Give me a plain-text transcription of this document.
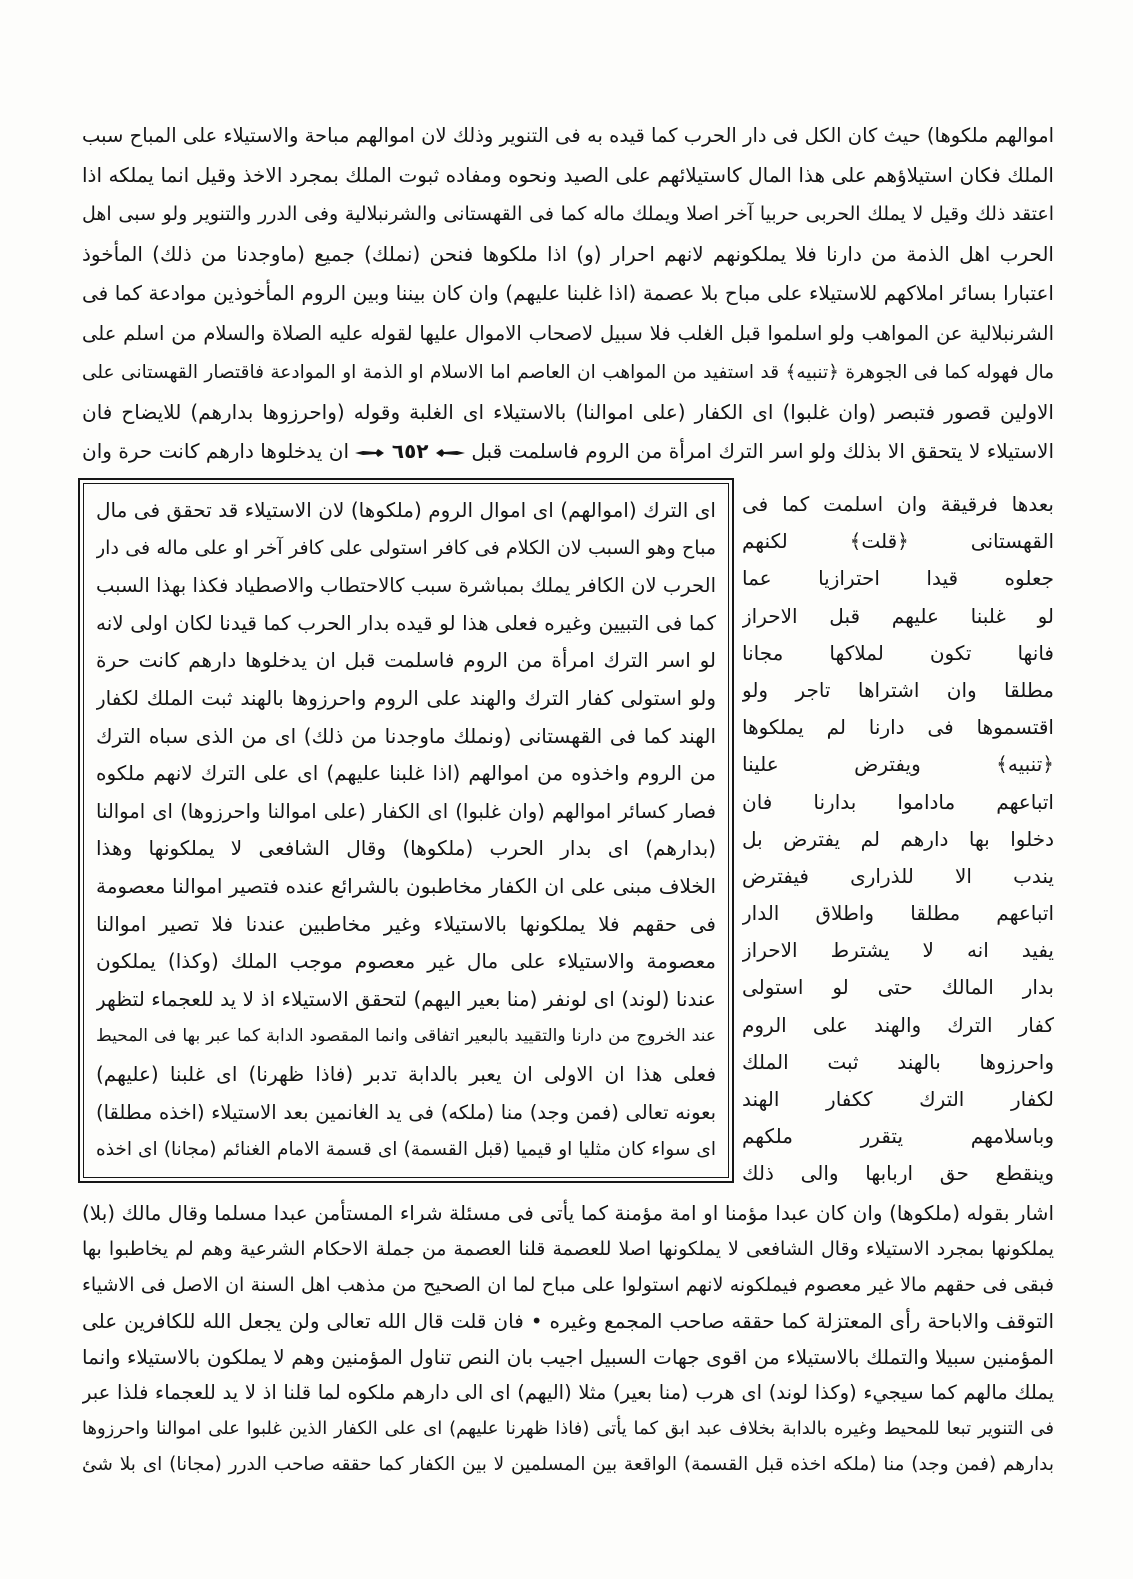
اموالهم ملكوها) حيث كان الكل فى دار الحرب كما قيده به فى التنوير وذلك لان اموالهم مباحة والاستيلاء على المباح سبب
الملك فكان استيلاؤهم على هذا المال كاستيلائهم على الصيد ونحوه ومفاده ثبوت الملك بمجرد الاخذ وقيل انما يملكه اذا
اعتقد ذلك وقيل لا يملك الحربى حربيا آخر اصلا ويملك ماله كما فى القهستانى والشرنبلالية وفى الدرر والتنوير ولو سبى اهل
الحرب اهل الذمة من دارنا فلا يملكونهم لانهم احرار (و) اذا ملكوها فنحن (نملك) جميع (ماوجدنا من ذلك) المأخوذ
اعتبارا بسائر املاكهم للاستيلاء على مباح بلا عصمة (اذا غلبنا عليهم) وان كان بيننا وبين الروم المأخوذين موادعة كما فى
الشرنبلالية عن المواهب ولو اسلموا قبل الغلب فلا سبيل لاصحاب الاموال عليها لقوله عليه الصلاة والسلام من اسلم على
مال فهوله كما فى الجوهرة ﴿تنبيه﴾ قد استفيد من المواهب ان العاصم اما الاسلام او الذمة او الموادعة فاقتصار القهستانى على
الاولين قصور فتبصر (وان غلبوا) اى الكفار (على اموالنا) بالاستيلاء اى الغلبة وقوله (واحرزوها بدارهم) للايضاح فان
الاستيلاء لا يتحقق الا بذلك ولو اسر الترك امرأة من الروم فاسلمت قبل  ٦٥٢  ان يدخلوها دارهم كانت حرة وان
اى الترك (اموالهم) اى اموال الروم (ملكوها) لان الاستيلاء قد تحقق فى مال
مباح وهو السبب لان الكلام فى كافر استولى على كافر آخر او على ماله فى دار
الحرب لان الكافر يملك بمباشرة سبب كالاحتطاب والاصطياد فكذا بهذا السبب
كما فى التبيين وغيره فعلى هذا لو قيده بدار الحرب كما قيدنا لكان اولى لانه
لو اسر الترك امرأة من الروم فاسلمت قبل ان يدخلوها دارهم كانت حرة
ولو استولى كفار الترك والهند على الروم واحرزوها بالهند ثبت الملك لكفار
الهند كما فى القهستانى (ونملك ماوجدنا من ذلك) اى من الذى سباه الترك
من الروم واخذوه من اموالهم (اذا غلبنا عليهم) اى على الترك لانهم ملكوه
فصار كسائر اموالهم (وان غلبوا) اى الكفار (على اموالنا واحرزوها) اى اموالنا
(بدارهم) اى بدار الحرب (ملكوها) وقال الشافعى لا يملكونها وهذا
الخلاف مبنى على ان الكفار مخاطبون بالشرائع عنده فتصير اموالنا معصومة
فى حقهم فلا يملكونها بالاستيلاء وغير مخاطبين عندنا فلا تصير اموالنا
معصومة والاستيلاء على مال غير معصوم موجب الملك (وكذا) يملكون
عندنا (لوند) اى لونفر (منا بعير اليهم) لتحقق الاستيلاء اذ لا يد للعجماء لتظهر
عند الخروج من دارنا والتقييد بالبعير اتفاقى وانما المقصود الدابة كما عبر بها فى المحيط
فعلى هذا ان الاولى ان يعبر بالدابة تدبر (فاذا ظهرنا) اى غلبنا (عليهم)
بعونه تعالى (فمن وجد) منا (ملكه) فى يد الغانمين بعد الاستيلاء (اخذه مطلقا)
اى سواء كان مثليا او قيميا (قبل القسمة) اى قسمة الامام الغنائم (مجانا) اى اخذه
بعدها فرقيقة وان اسلمت كما فى
القهستانى ﴿قلت﴾ لكنهم
جعلوه قيدا احترازيا عما
لو غلبنا عليهم قبل الاحراز
فانها تكون لملاكها مجانا
مطلقا وان اشتراها تاجر ولو
اقتسموها فى دارنا لم يملكوها
﴿تنبيه﴾ ويفترض علينا
اتباعهم ماداموا بدارنا فان
دخلوا بها دارهم لم يفترض بل
يندب الا للذرارى فيفترض
اتباعهم مطلقا واطلاق الدار
يفيد انه لا يشترط الاحراز
بدار المالك حتى لو استولى
كفار الترك والهند على الروم
واحرزوها بالهند ثبت الملك
لكفار الترك ككفار الهند
وباسلامهم يتقرر ملكهم
وينقطع حق اربابها والى ذلك
اشار بقوله (ملكوها) وان كان عبدا مؤمنا او امة مؤمنة كما يأتى فى مسئلة شراء المستأمن عبدا مسلما وقال مالك (بلا)
يملكونها بمجرد الاستيلاء وقال الشافعى لا يملكونها اصلا للعصمة قلنا العصمة من جملة الاحكام الشرعية وهم لم يخاطبوا بها
فبقى فى حقهم مالا غير معصوم فيملكونه لانهم استولوا على مباح لما ان الصحيح من مذهب اهل السنة ان الاصل فى الاشياء
التوقف والاباحة رأى المعتزلة كما حققه صاحب المجمع وغيره • فان قلت قال الله تعالى ولن يجعل الله للكافرين على
المؤمنين سبيلا والتملك بالاستيلاء من اقوى جهات السبيل اجيب بان النص تناول المؤمنين وهم لا يملكون بالاستيلاء وانما
يملك مالهم كما سيجيء (وكذا لوند) اى هرب (منا بعير) مثلا (اليهم) اى الى دارهم ملكوه لما قلنا اذ لا يد للعجماء فلذا عبر
فى التنوير تبعا للمحيط وغيره بالدابة بخلاف عبد ابق كما يأتى (فاذا ظهرنا عليهم) اى على الكفار الذين غلبوا على اموالنا واحرزوها
بدارهم (فمن وجد) منا (ملكه اخذه قبل القسمة) الواقعة بين المسلمين لا بين الكفار كما حققه صاحب الدرر (مجانا) اى بلا شئ
